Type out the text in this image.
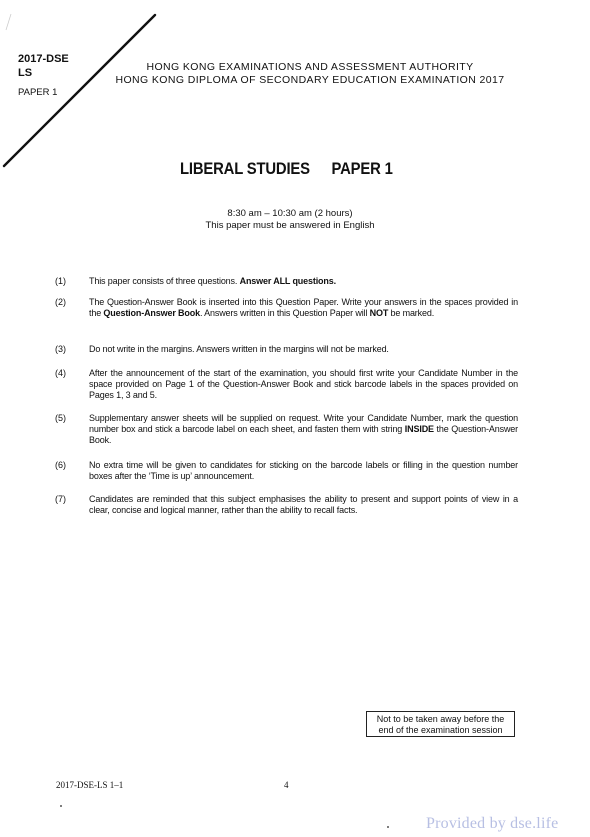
2017-DSE
LS
PAPER 1
HONG KONG EXAMINATIONS AND ASSESSMENT AUTHORITY
HONG KONG DIPLOMA OF SECONDARY EDUCATION EXAMINATION 2017
LIBERAL STUDIES PAPER 1
8:30 am – 10:30 am (2 hours)
This paper must be answered in English
(1)	This paper consists of three questions. Answer ALL questions.
(2)	The Question-Answer Book is inserted into this Question Paper. Write your answers in the spaces provided in the Question-Answer Book. Answers written in this Question Paper will NOT be marked.
(3)	Do not write in the margins. Answers written in the margins will not be marked.
(4)	After the announcement of the start of the examination, you should first write your Candidate Number in the space provided on Page 1 of the Question-Answer Book and stick barcode labels in the spaces provided on Pages 1, 3 and 5.
(5)	Supplementary answer sheets will be supplied on request. Write your Candidate Number, mark the question number box and stick a barcode label on each sheet, and fasten them with string INSIDE the Question-Answer Book.
(6)	No extra time will be given to candidates for sticking on the barcode labels or filling in the question number boxes after the ‘Time is up’ announcement.
(7)	Candidates are reminded that this subject emphasises the ability to present and support points of view in a clear, concise and logical manner, rather than the ability to recall facts.
Not to be taken away before the
end of the examination session
2017-DSE-LS 1–1	4
Provided by dse.life
